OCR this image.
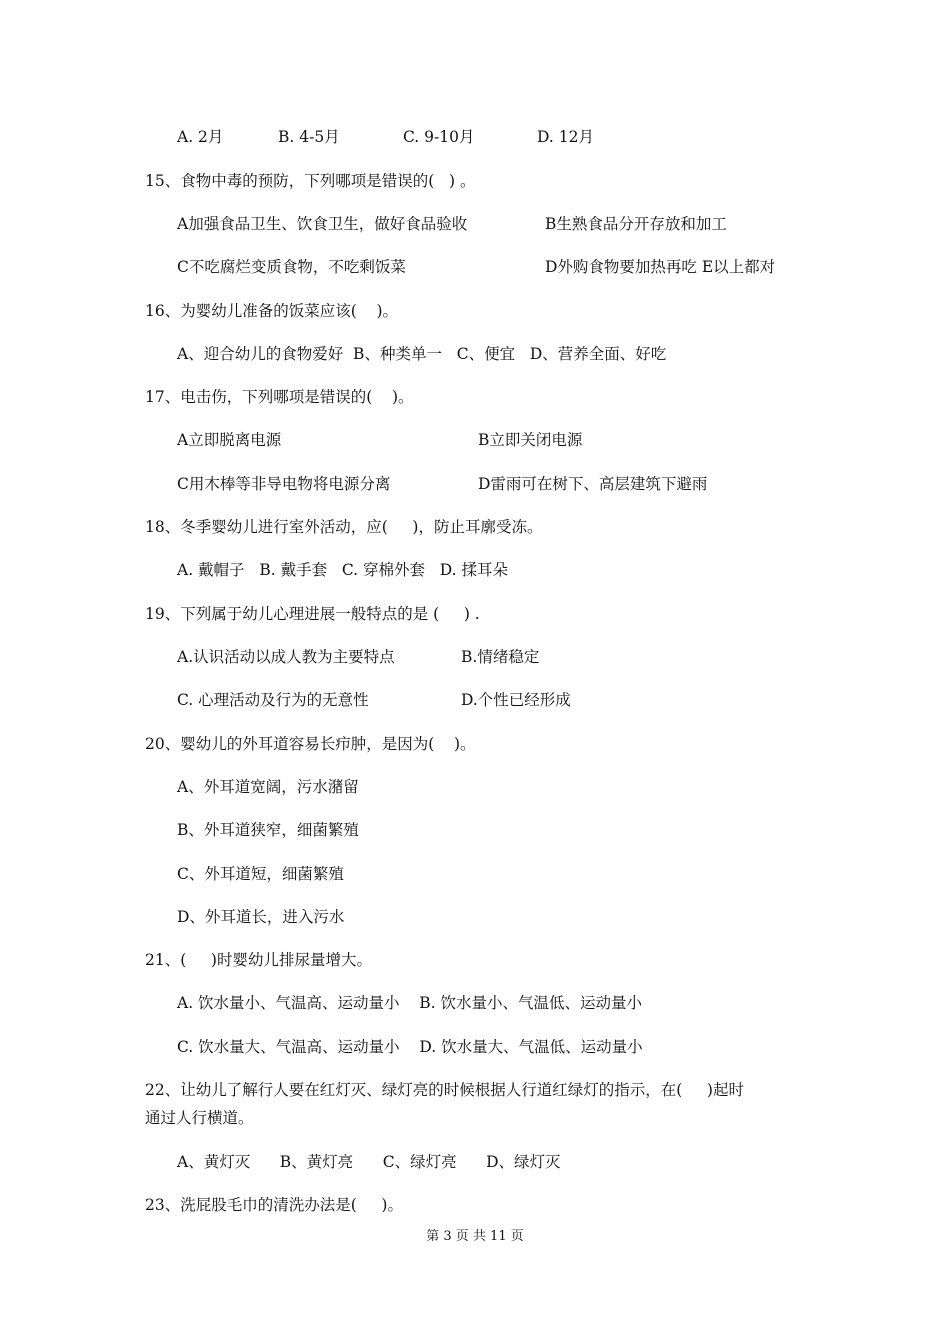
A. 2月	B. 4-5月	C. 9-10月	D. 12月
15、食物中毒的预防，下列哪项是错误的(   ) 。
A加强食品卫生、饮食卫生，做好食品验收	B生熟食品分开存放和加工
C不吃腐烂变质食物，不吃剩饭菜	D外购食物要加热再吃 E以上都对
16、为婴幼儿准备的饭菜应该(    )。
A、迎合幼儿的食物爱好  B、种类单一   C、便宜   D、营养全面、好吃
17、电击伤，下列哪项是错误的(    )。
A立即脱离电源	B立即关闭电源
C用木棒等非导电物将电源分离	D雷雨可在树下、高层建筑下避雨
18、冬季婴幼儿进行室外活动，应(     )，防止耳廓受冻。
A. 戴帽子   B. 戴手套   C. 穿棉外套   D. 揉耳朵
19、下列属于幼儿心理进展一般特点的是 (     ) .
A.认识活动以成人教为主要特点	B.情绪稳定
C. 心理活动及行为的无意性	D.个性已经形成
20、婴幼儿的外耳道容易长疖肿，是因为(    )。
A、外耳道宽阔，污水潴留
B、外耳道狭窄，细菌繁殖
C、外耳道短，细菌繁殖
D、外耳道长，进入污水
21、(     )时婴幼儿排尿量增大。
A. 饮水量小、气温高、运动量小    B. 饮水量小、气温低、运动量小
C. 饮水量大、气温高、运动量小    D. 饮水量大、气温低、运动量小
22、让幼儿了解行人要在红灯灭、绿灯亮的时候根据人行道红绿灯的指示，在(     )起时
通过人行横道。
A、黄灯灭      B、黄灯亮      C、绿灯亮      D、绿灯灭
23、洗屁股毛巾的清洗办法是(     )。
第 3 页 共 11 页
